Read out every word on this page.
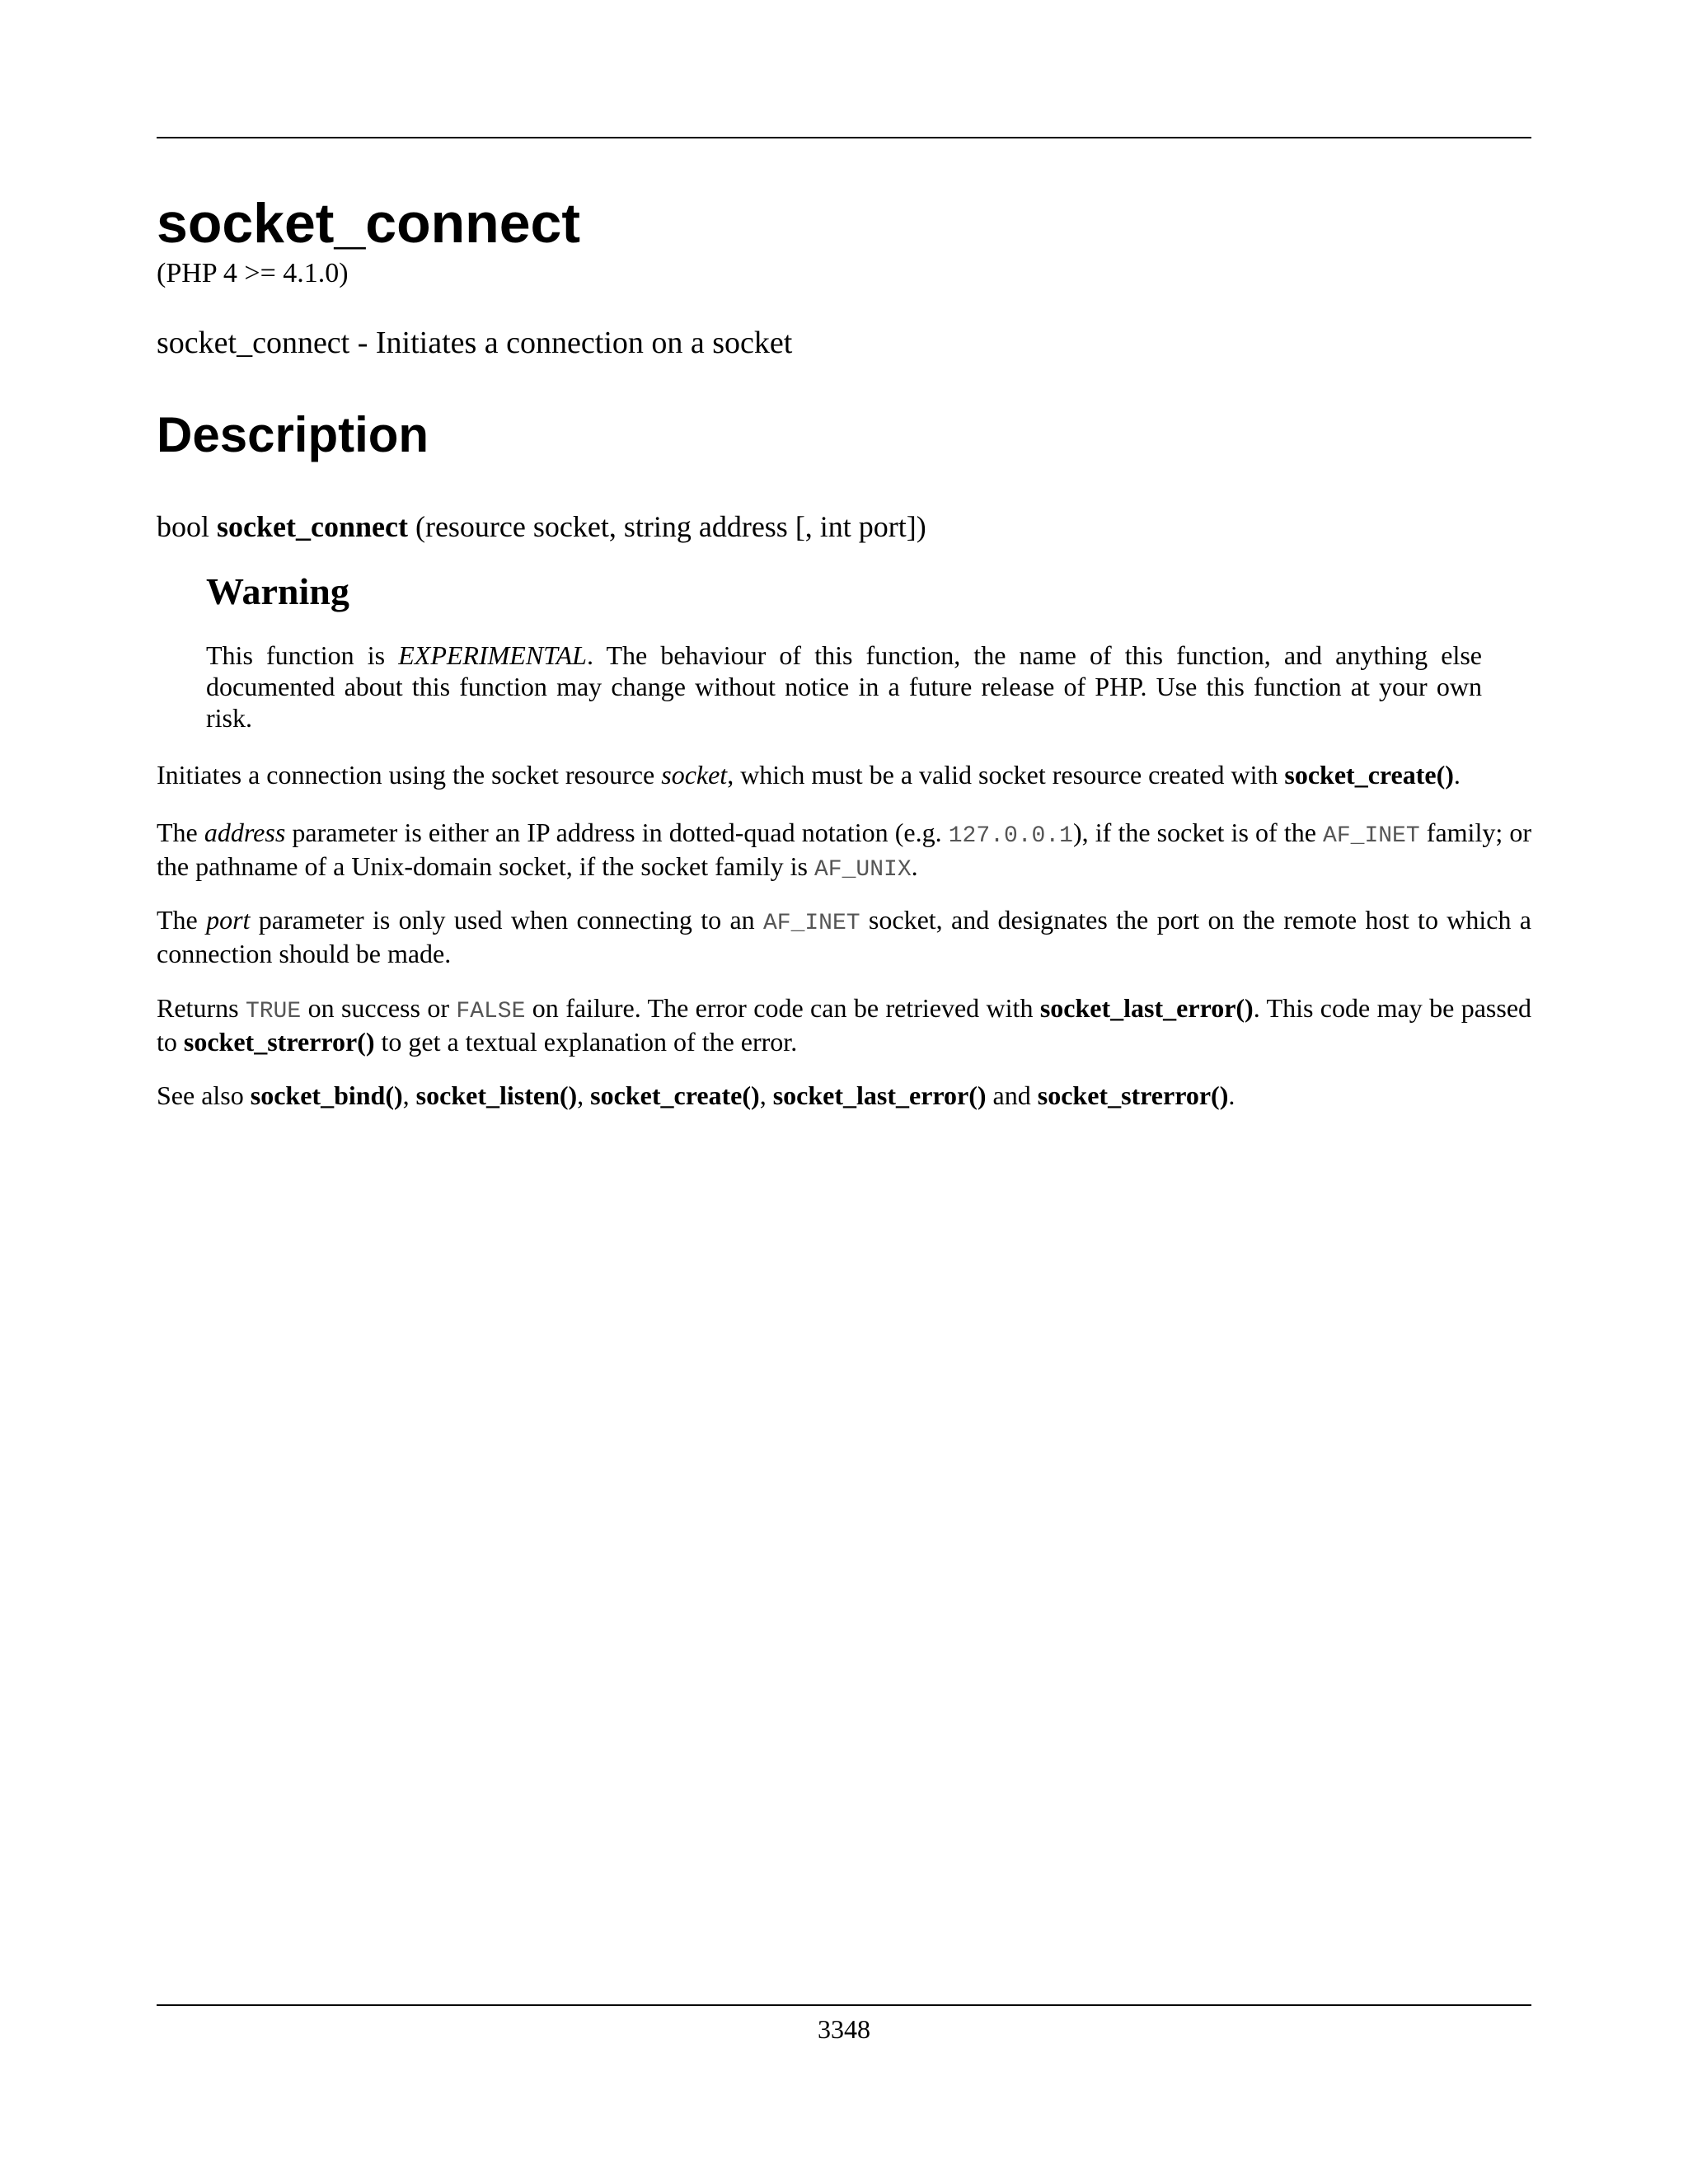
socket_connect
(PHP 4 >= 4.1.0)
socket_connect - Initiates a connection on a socket
Description
bool socket_connect (resource socket, string address [, int port])
Warning
This function is EXPERIMENTAL. The behaviour of this function, the name of this function, and anything else documented about this function may change without notice in a future release of PHP. Use this function at your own risk.
Initiates a connection using the socket resource socket, which must be a valid socket resource created with socket_create().
The address parameter is either an IP address in dotted-quad notation (e.g. 127.0.0.1), if the socket is of the AF_INET family; or the pathname of a Unix-domain socket, if the socket family is AF_UNIX.
The port parameter is only used when connecting to an AF_INET socket, and designates the port on the remote host to which a connection should be made.
Returns TRUE on success or FALSE on failure. The error code can be retrieved with socket_last_error(). This code may be passed to socket_strerror() to get a textual explanation of the error.
See also socket_bind(), socket_listen(), socket_create(), socket_last_error() and socket_strerror().
3348
